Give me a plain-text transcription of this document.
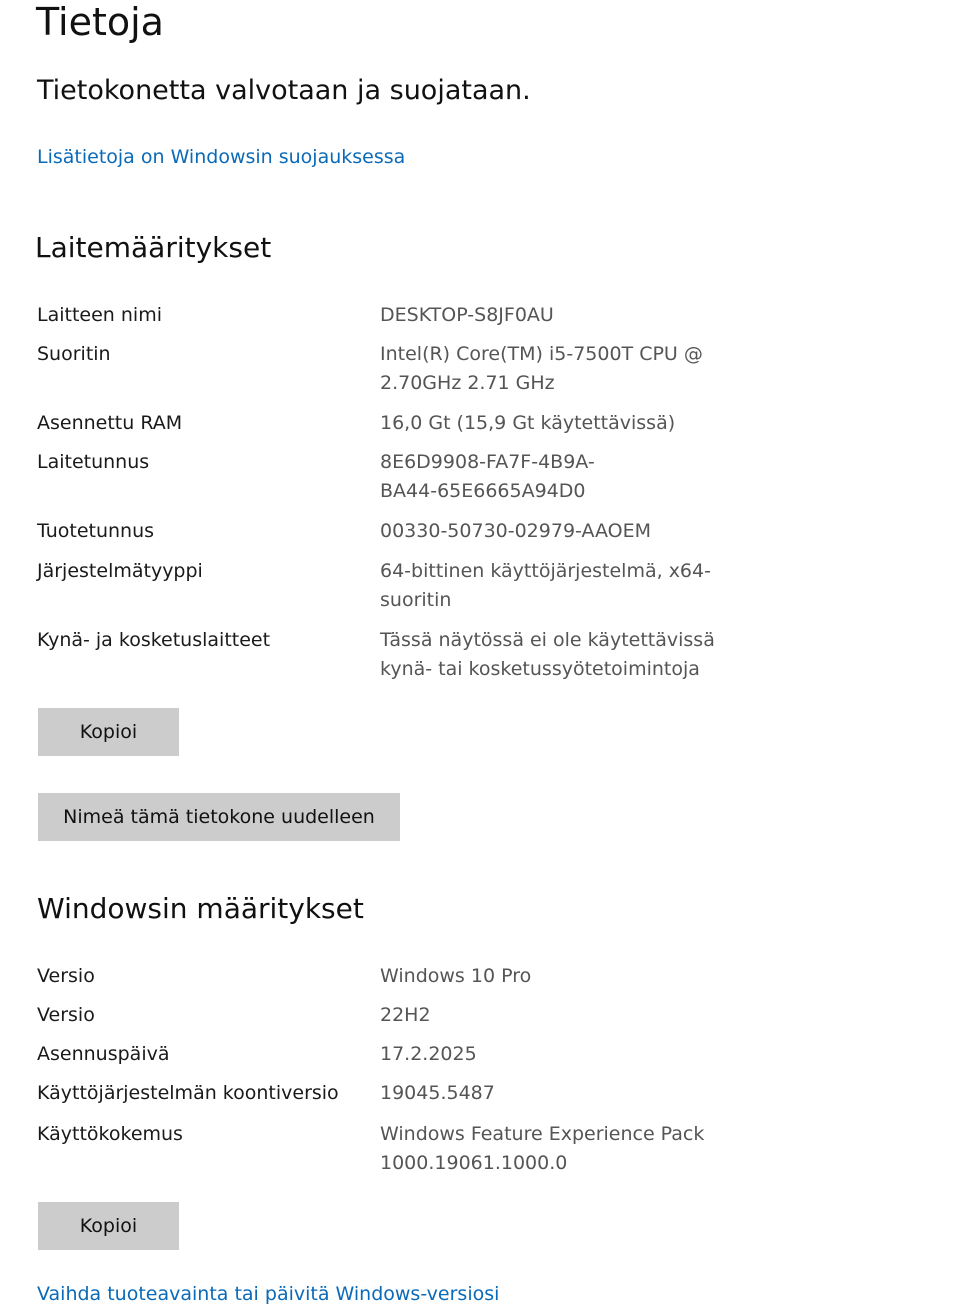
Tietoja
Tietokonetta valvotaan ja suojataan.
Lisätietoja on Windowsin suojauksessa
Laitemääritykset
Laitteen nimi	DESKTOP-S8JF0AU
Suoritin	Intel(R) Core(TM) i5-7500T CPU @
2.70GHz 2.71 GHz
Asennettu RAM	16,0 Gt (15,9 Gt käytettävissä)
Laitetunnus	8E6D9908-FA7F-4B9A-
BA44-65E6665A94D0
Tuotetunnus	00330-50730-02979-AAOEM
Järjestelmätyyppi	64-bittinen käyttöjärjestelmä, x64-
suoritin
Kynä- ja kosketuslaitteet	Tässä näytössä ei ole käytettävissä
kynä- tai kosketussyötetoimintoja
Kopioi
Nimeä tämä tietokone uudelleen
Windowsin määritykset
Versio	Windows 10 Pro
Versio	22H2
Asennuspäivä	17.2.2025
Käyttöjärjestelmän koontiversio 19045.5487
Käyttökokemus	Windows Feature Experience Pack
1000.19061.1000.0
Kopioi
Vaihda tuoteavainta tai päivitä Windows-versiosi
